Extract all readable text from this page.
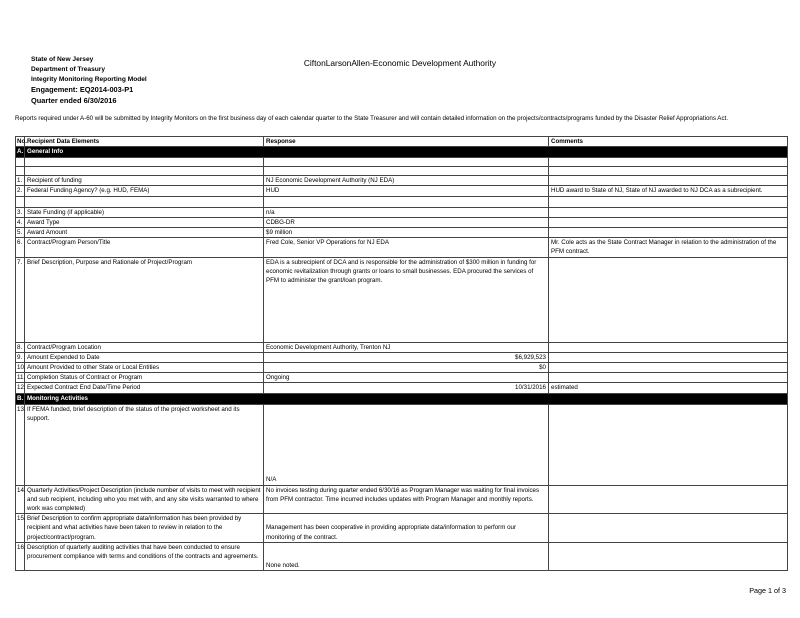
State of New Jersey
Department of Treasury
Integrity Monitoring Reporting Model
Engagement: EQ2014-003-P1
Quarter ended 6/30/2016
CiftonLarsonAllen-Economic Development Authority
Reports required under A-60 will be submitted by Integrity Monitors on the first business day of each calendar quarter to the State Treasurer and will contain detailed information on the projects/contracts/programs funded by the Disaster Relief Appropriations Act.
No.	Recipient Data Elements	Response	Comments
A.	General Info		

1.	Recipient of funding	NJ Economic Development Authority (NJ EDA)	
2.	Federal Funding Agency? (e.g. HUD, FEMA)	HUD	HUD award to State of NJ, State of NJ awarded to NJ DCA as a subrecipient.

3.	State Funding (if applicable)	n/a	
4.	Award Type	CDBG-DR	
5.	Award Amount	$9 million	
6.	Contract/Program Person/Title	Fred Cole, Senior VP Operations for NJ EDA	Mr. Cole acts as the State Contract Manager in relation to the administration of the PFM contract.
7.	Brief Description, Purpose and Rationale of Project/Program	EDA is a subrecipient of DCA and is responsible for the administration of $300 million in funding for economic revitalization through grants or loans to small businesses. EDA procured the services of PFM to administer the grant/loan program.	
8.	Contract/Program Location	Economic Development Authority, Trenton NJ	
9.	Amount Expended to Date	$6,929,523	
10.	Amount Provided to other State or Local Entities	$0	
11.	Completion Status of Contract or Program	Ongoing	
12.	Expected Contract End Date/Time Period	10/31/2016	estimated
B.	Monitoring Activities		
13.	If FEMA funded, brief description of the status of the project worksheet and its support.	N/A	
14.	Quarterly Activities/Project Description (include number of visits to meet with recipient and sub recipient, including who you met with, and any site visits warranted to where work was completed)	No invoices testing during quarter ended 6/30/16 as Program Manager was waiting for final invoices from PFM contractor. Time incurred includes updates with Program Manager and monthly reports.	
15.	Brief Description to confirm appropriate data/information has been provided by recipient and what activities have been taken to review in relation to the project/contract/program.	Management has been cooperative in providing appropriate data/information to perform our monitoring of the contract.	
16.	Description of quarterly auditing activities that have been conducted to ensure procurement compliance with terms and conditions of the contracts and agreements.	None noted.	
Page 1 of 3
